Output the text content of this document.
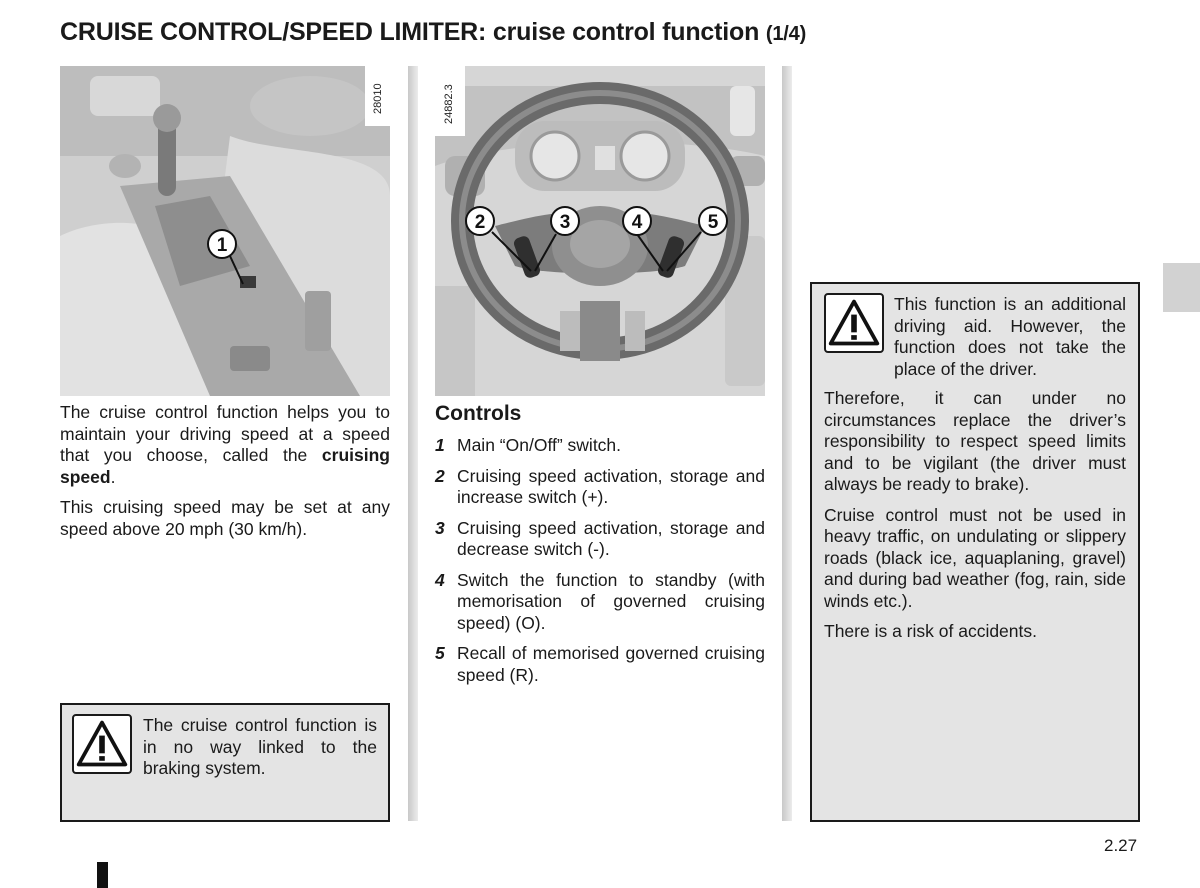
CRUISE CONTROL/SPEED LIMITER: cruise control function (1/4)
1
28010
2	3	4	5
24882.3

The cruise control function helps you to maintain your driving speed at a speed that you choose, called the cruising speed.

This cruising speed may be set at any speed above 20 mph (30 km/h).

The cruise control function is in no way linked to the braking system.
Controls
1 Main “On/Off” switch.
2 Cruising speed activation, storage and increase switch (+).
3 Cruising speed activation, storage and decrease switch (-).
4 Switch the function to standby (with memorisation of governed cruising speed) (O).
5 Recall of memorised governed cruising speed (R).
This function is an additional driving aid. However, the function does not take the place of the driver.

Therefore, it can under no circumstances replace the driver’s responsibility to respect speed limits and to be vigilant (the driver must always be ready to brake).

Cruise control must not be used in heavy traffic, on undulating or slippery roads (black ice, aquaplaning, gravel) and during bad weather (fog, rain, side winds etc.).

There is a risk of accidents.

2.27
